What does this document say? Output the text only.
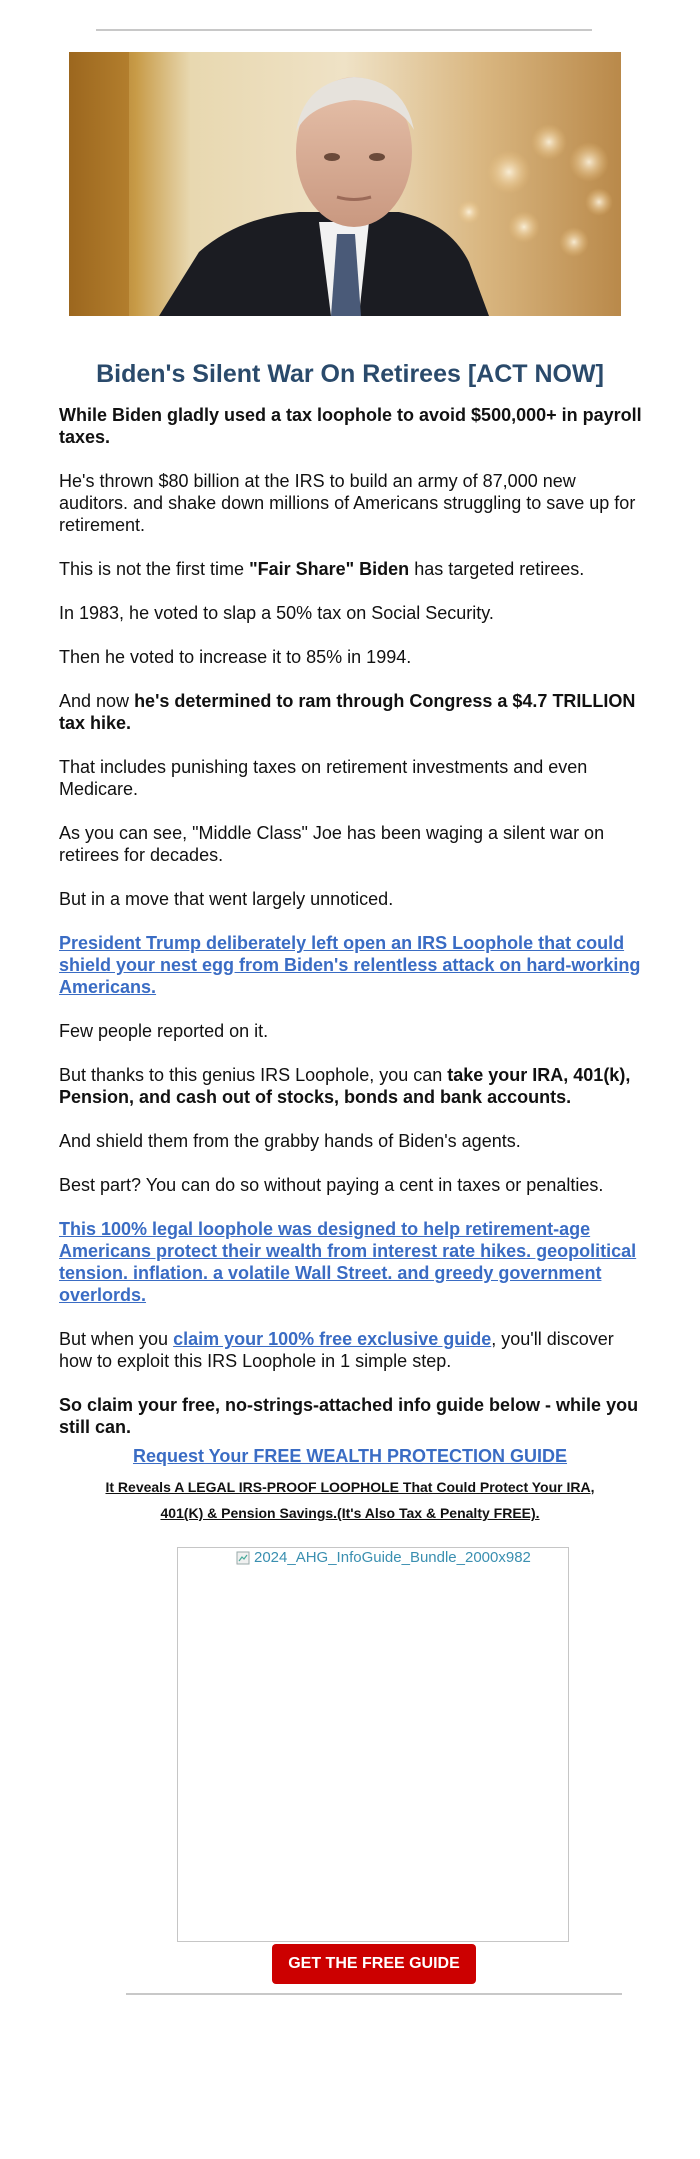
Biden's Silent War On Retirees [ACT NOW]

While Biden gladly used a tax loophole to avoid $500,000+ in payroll taxes.

He's thrown $80 billion at the IRS to build an army of 87,000 new auditors. and shake down millions of Americans struggling to save up for retirement.

This is not the first time "Fair Share" Biden has targeted retirees.

In 1983, he voted to slap a 50% tax on Social Security.

Then he voted to increase it to 85% in 1994.

And now he's determined to ram through Congress a $4.7 TRILLION tax hike.

That includes punishing taxes on retirement investments and even Medicare.

As you can see, "Middle Class" Joe has been waging a silent war on retirees for decades.

But in a move that went largely unnoticed.

President Trump deliberately left open an IRS Loophole that could shield your nest egg from Biden's relentless attack on hard-working Americans.

Few people reported on it.

But thanks to this genius IRS Loophole, you can take your IRA, 401(k), Pension, and cash out of stocks, bonds and bank accounts.

And shield them from the grabby hands of Biden's agents.

Best part? You can do so without paying a cent in taxes or penalties.

This 100% legal loophole was designed to help retirement-age Americans protect their wealth from interest rate hikes. geopolitical tension. inflation. a volatile Wall Street. and greedy government overlords.

But when you claim your 100% free exclusive guide, you'll discover how to exploit this IRS Loophole in 1 simple step.

So claim your free, no-strings-attached info guide below - while you still can.

Request Your FREE WEALTH PROTECTION GUIDE
It Reveals A LEGAL IRS-PROOF LOOPHOLE That Could Protect Your IRA,
401(K) & Pension Savings.(It's Also Tax & Penalty FREE).
2024_AHG_InfoGuide_Bundle_2000x982
GET THE FREE GUIDE
